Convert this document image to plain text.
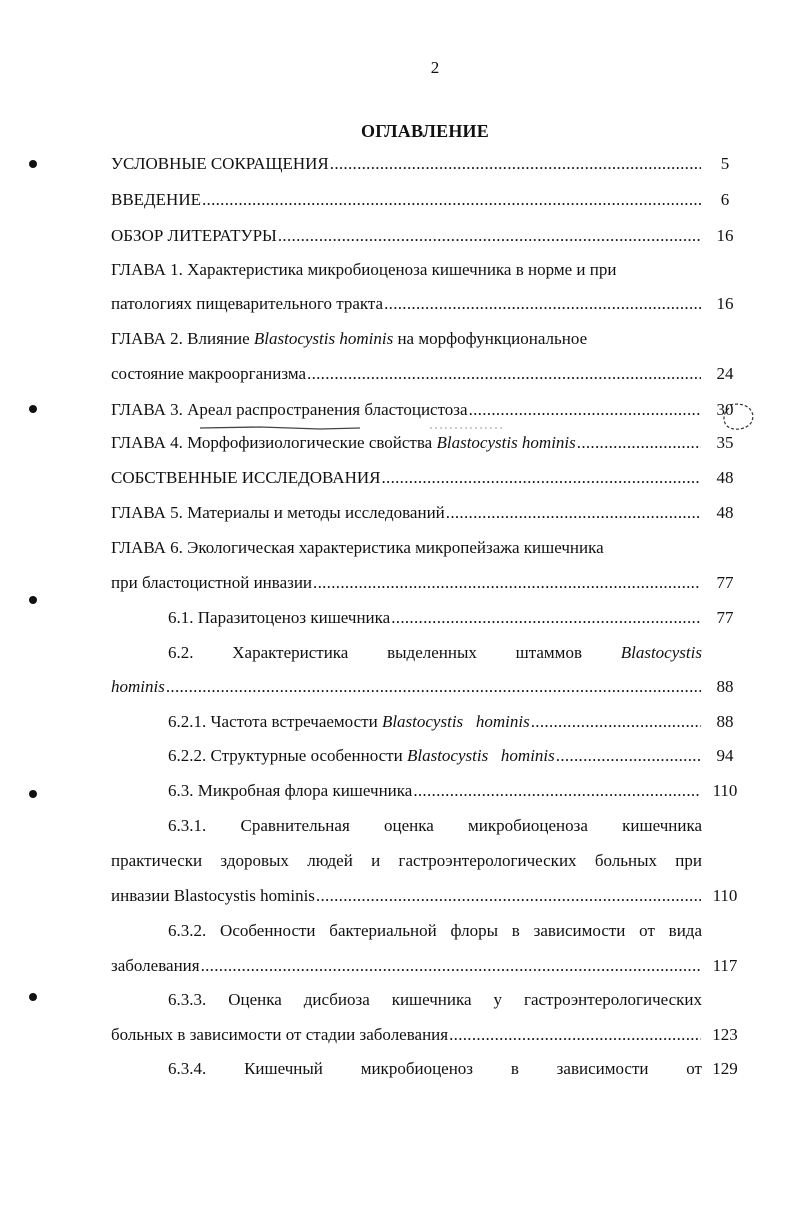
2
ОГЛАВЛЕНИЕ
УСЛОВНЫЕ СОКРАЩЕНИЯ .....	5
ВВЕДЕНИЕ .....	6
ОБЗОР ЛИТЕРАТУРЫ .....	16
ГЛАВА 1. Характеристика микробиоценоза кишечника в норме и при
патологиях пищеварительного тракта .....	16
ГЛАВА 2. Влияние Blastocystis hominis на морфофункциональное
состояние макроорганизма .....	24
ГЛАВА 3. Ареал распространения бластоцистоза .....	30
ГЛАВА 4. Морфофизиологические свойства Blastocystis hominis .....	35
СОБСТВЕННЫЕ ИССЛЕДОВАНИЯ .....	48
ГЛАВА 5. Материалы и методы исследований .....	48
ГЛАВА 6. Экологическая характеристика микропейзажа кишечника
при бластоцистной инвазии .....	77
6.1. Паразитоценоз кишечника .....	77
6.2. Характеристика выделенных штаммов Blastocystis
hominis .....	88
6.2.1. Частота встречаемости Blastocystis   hominis .....	88
6.2.2. Структурные особенности Blastocystis   hominis .....	94
6.3. Микробная флора кишечника .....	110
6.3.1. Сравнительная оценка микробиоценоза кишечника
практически здоровых людей и гастроэнтерологических больных при
инвазии Blastocystis hominis .....	110
6.3.2. Особенности бактериальной флоры в зависимости от вида
заболевания .....	117
6.3.3. Оценка дисбиоза кишечника у гастроэнтерологических
больных в зависимости от стадии заболевания .....	123
6.3.4. Кишечный микробиоценоз в зависимости от 129
